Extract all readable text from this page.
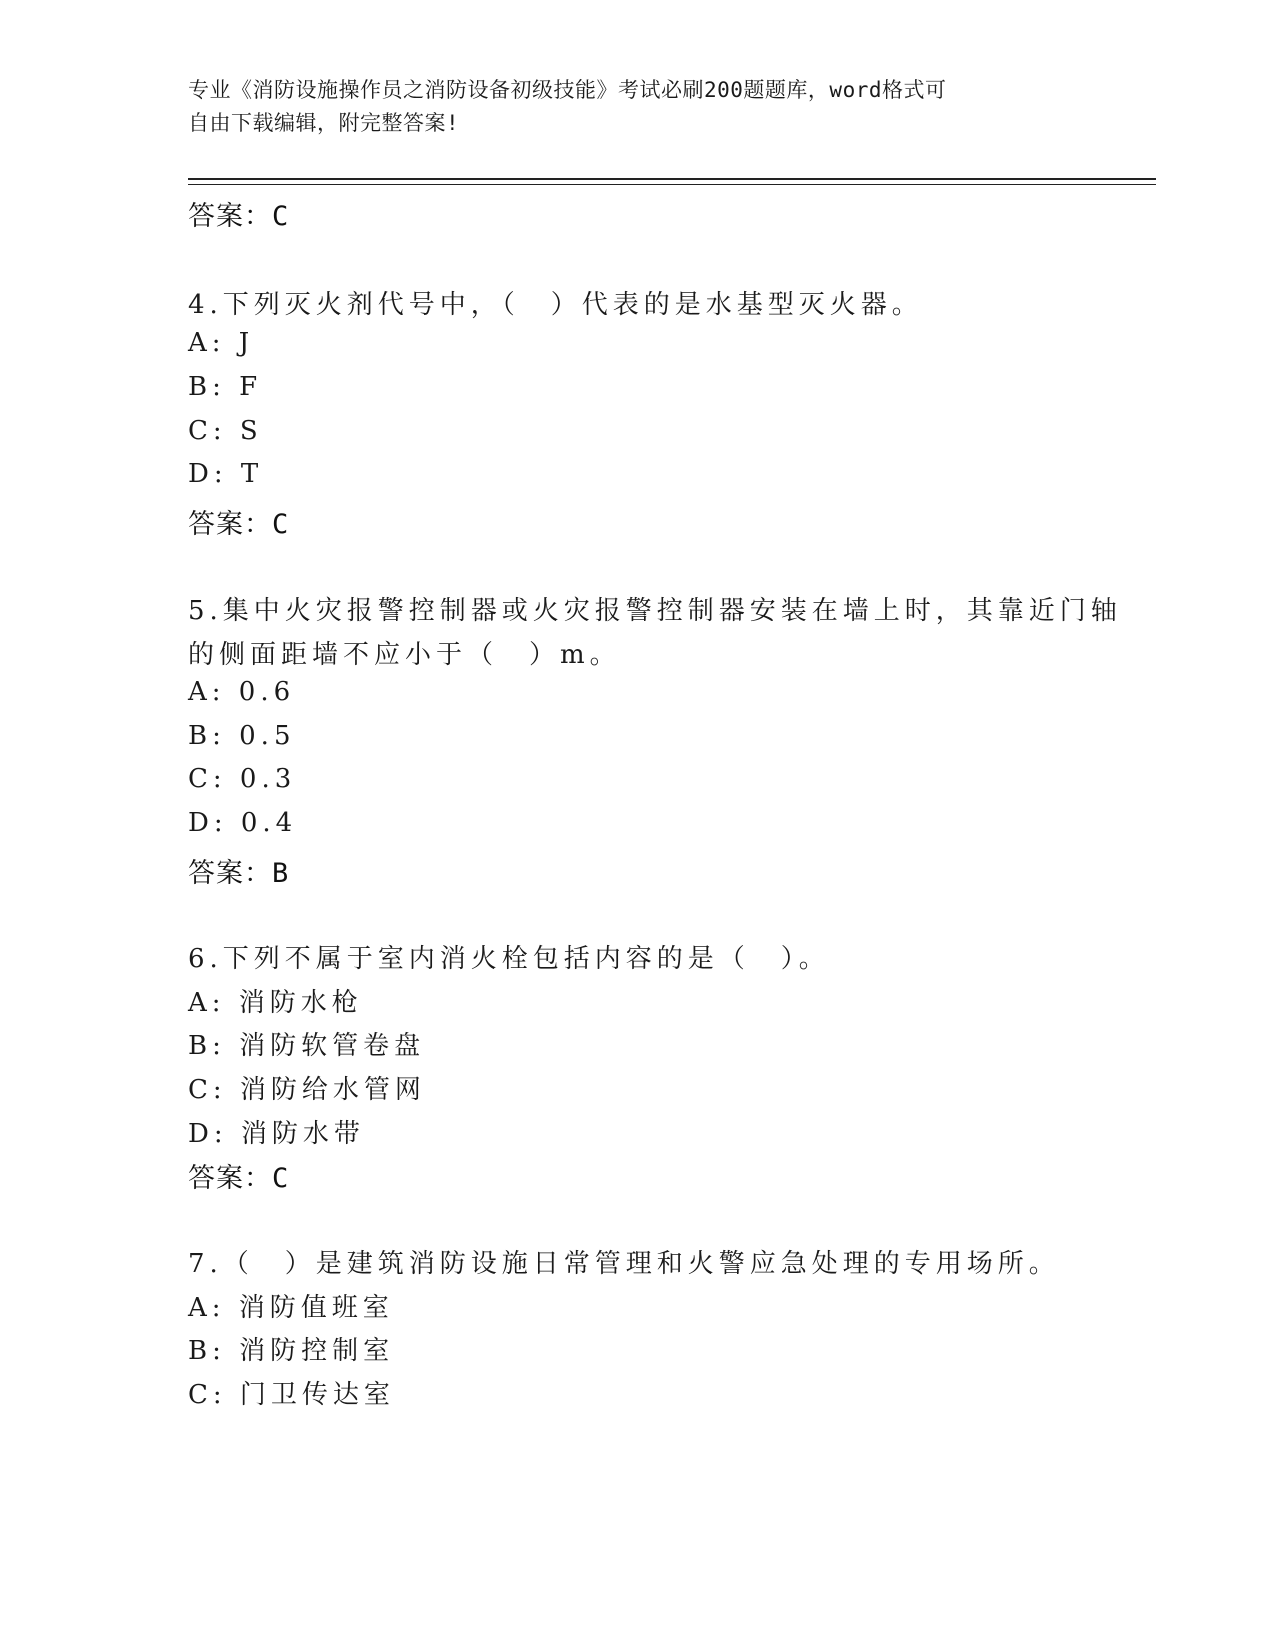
专业《消防设施操作员之消防设备初级技能》考试必刷200题题库，word格式可
自由下载编辑，附完整答案!
答案：C
4.下列灭火剂代号中，（　）代表的是水基型灭火器。
A: J
B: F
C: S
D: T
答案：C
5.集中火灾报警控制器或火灾报警控制器安装在墙上时，其靠近门轴
的侧面距墙不应小于（　）m。
A: 0.6
B: 0.5
C: 0.3
D: 0.4
答案：B
6.下列不属于室内消火栓包括内容的是（　）。
A: 消防水枪
B: 消防软管卷盘
C: 消防给水管网
D: 消防水带
答案：C
7.（　）是建筑消防设施日常管理和火警应急处理的专用场所。
A: 消防值班室
B: 消防控制室
C: 门卫传达室
